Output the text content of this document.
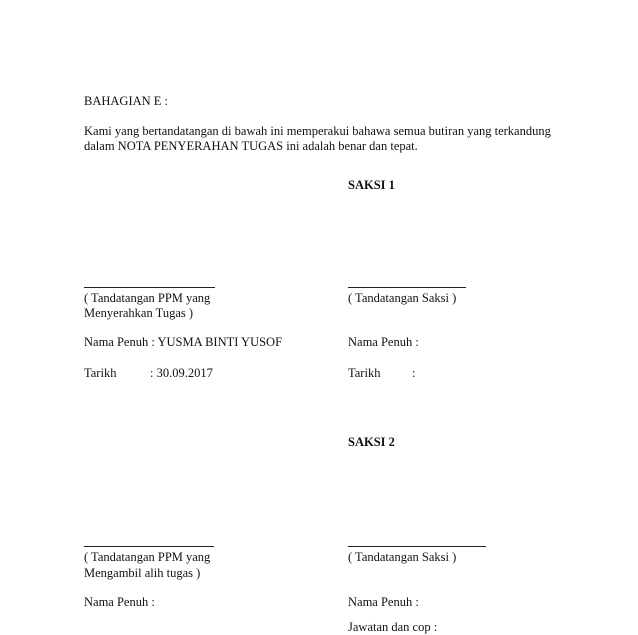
BAHAGIAN E :
Kami yang bertandatangan di bawah ini memperakui bahawa semua butiran yang terkandung
dalam NOTA PENYERAHAN TUGAS ini adalah benar dan tepat.
SAKSI 1
( Tandatangan PPM yang
Menyerahkan Tugas )
( Tandatangan Saksi )
Nama Penuh : YUSMA BINTI YUSOF	Nama Penuh :
Tarikh	: 30.09.2017	Tarikh	:
SAKSI 2
( Tandatangan PPM yang
Mengambil alih tugas )
( Tandatangan Saksi )
Nama Penuh :	Nama Penuh :
Jawatan dan cop :
